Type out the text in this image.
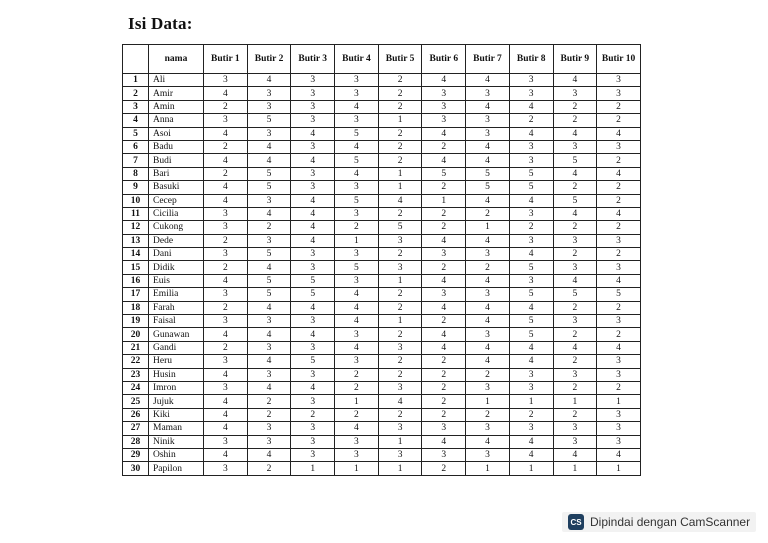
Isi Data:
	nama	Butir 1	Butir 2	Butir 3	Butir 4	Butir 5	Butir 6	Butir 7	Butir 8	Butir 9	Butir 10
1	Ali	3	4	3	3	2	4	4	3	4	3
2	Amir	4	3	3	3	2	3	3	3	3	3
3	Amin	2	3	3	4	2	3	4	4	2	2
4	Anna	3	5	3	3	1	3	3	2	2	2
5	Asoi	4	3	4	5	2	4	3	4	4	4
6	Badu	2	4	3	4	2	2	4	3	3	3
7	Budi	4	4	4	5	2	4	4	3	5	2
8	Bari	2	5	3	4	1	5	5	5	4	4
9	Basuki	4	5	3	3	1	2	5	5	2	2
10	Cecep	4	3	4	5	4	1	4	4	5	2
11	Cicilia	3	4	4	3	2	2	2	3	4	4
12	Cukong	3	2	4	2	5	2	1	2	2	2
13	Dede	2	3	4	1	3	4	4	3	3	3
14	Dani	3	5	3	3	2	3	3	4	2	2
15	Didik	2	4	3	5	3	2	2	5	3	3
16	Euis	4	5	5	3	1	4	4	3	4	4
17	Emilia	3	5	5	4	2	3	3	5	5	5
18	Farah	2	4	4	4	2	4	4	4	2	2
19	Faisal	3	3	3	4	1	2	4	5	3	3
20	Gunawan	4	4	4	3	2	4	3	5	2	2
21	Gandi	2	3	3	4	3	4	4	4	4	4
22	Heru	3	4	5	3	2	2	4	4	2	3
23	Husin	4	3	3	2	2	2	2	3	3	3
24	Imron	3	4	4	2	3	2	3	3	2	2
25	Jujuk	4	2	3	1	4	2	1	1	1	1
26	Kiki	4	2	2	2	2	2	2	2	2	3
27	Maman	4	3	3	4	3	3	3	3	3	3
28	Ninik	3	3	3	3	1	4	4	4	3	3
29	Oshin	4	4	3	3	3	3	3	4	4	4
30	Papilon	3	2	1	1	1	2	1	1	1	1
CS Dipindai dengan CamScanner
